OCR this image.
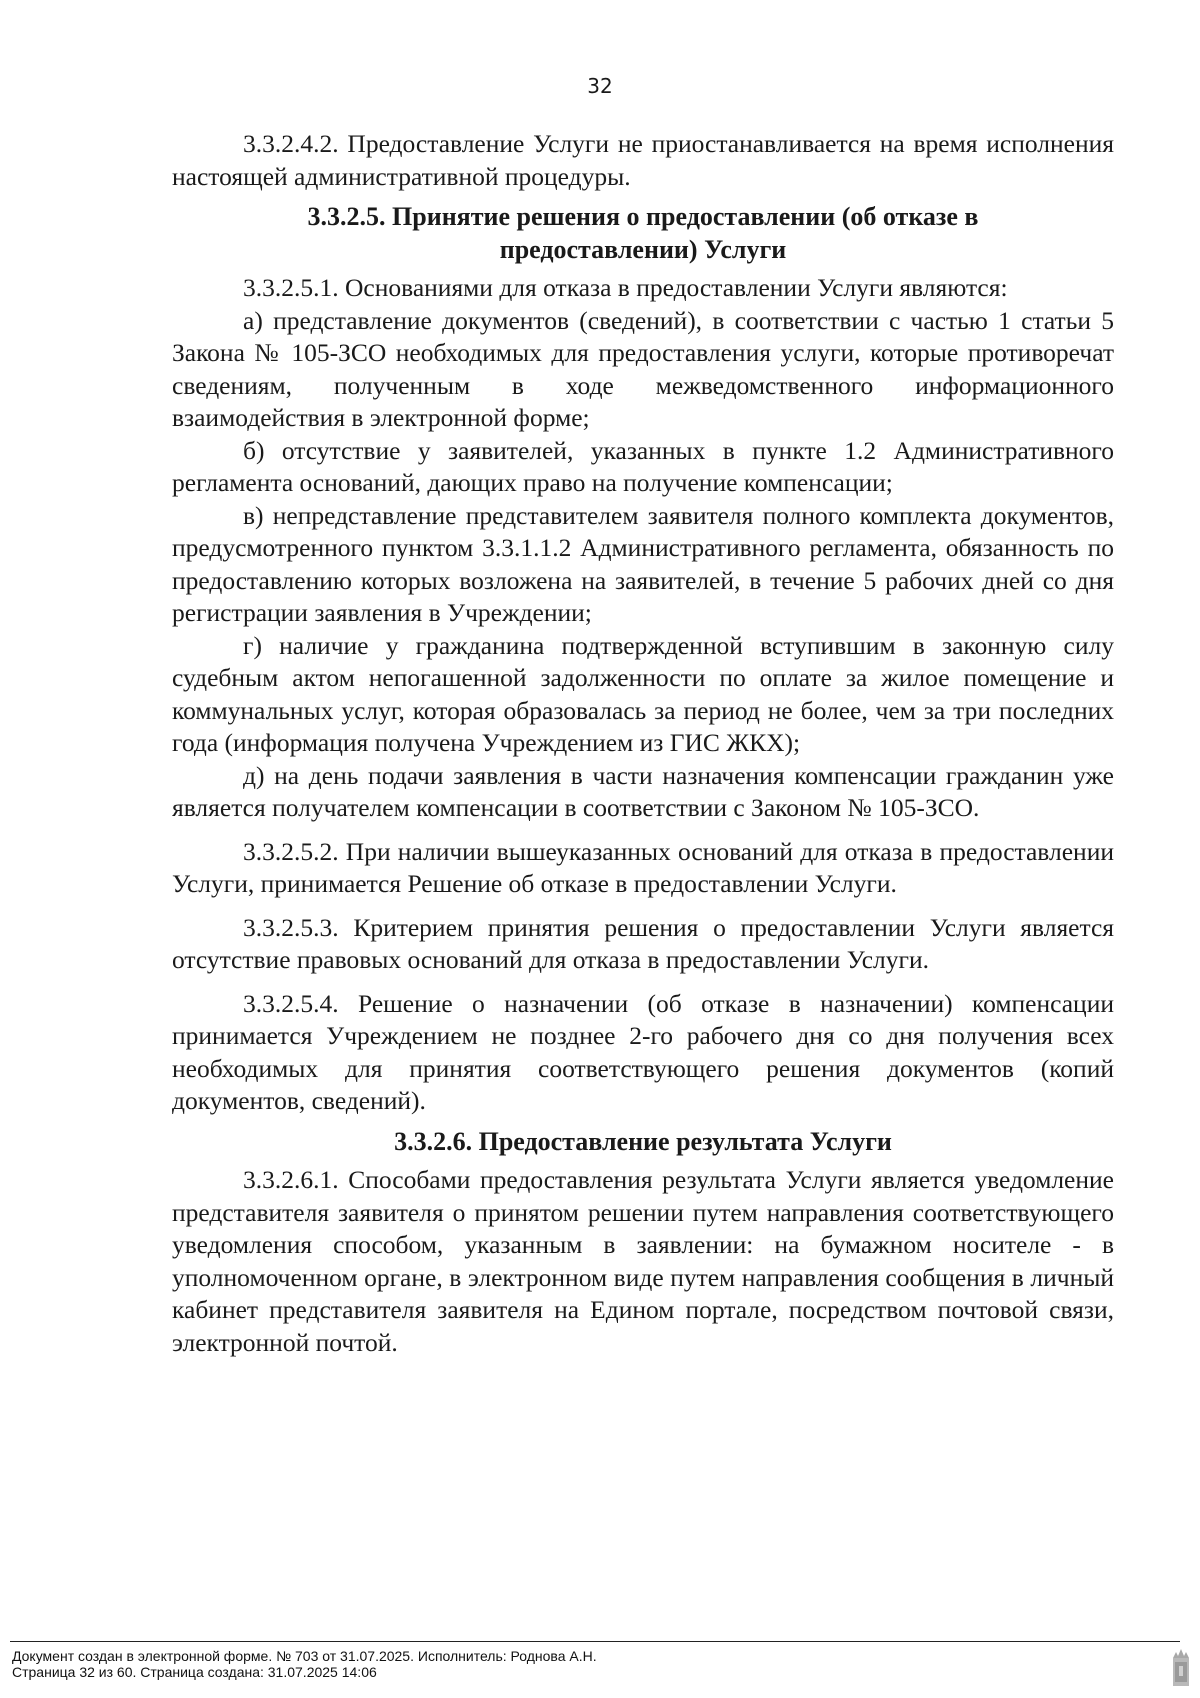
32

3.3.2.4.2. Предоставление Услуги не приостанавливается на время исполнения настоящей административной процедуры.

3.3.2.5. Принятие решения о предоставлении (об отказе в предоставлении) Услуги

3.3.2.5.1. Основаниями для отказа в предоставлении Услуги являются:

а) представление документов (сведений), в соответствии с частью 1 статьи 5 Закона № 105-ЗСО необходимых для предоставления услуги, которые противоречат сведениям, полученным в ходе межведомственного информационного взаимодействия в электронной форме;

б) отсутствие у заявителей, указанных в пункте 1.2 Административного регламента оснований, дающих право на получение компенсации;

в) непредставление представителем заявителя полного комплекта документов, предусмотренного пунктом 3.3.1.1.2 Административного регламента, обязанность по предоставлению которых возложена на заявителей, в течение 5 рабочих дней со дня регистрации заявления в Учреждении;

г) наличие у гражданина подтвержденной вступившим в законную силу судебным актом непогашенной задолженности по оплате за жилое помещение и коммунальных услуг, которая образовалась за период не более, чем за три последних года (информация получена Учреждением из ГИС ЖКХ);

д) на день подачи заявления в части назначения компенсации гражданин уже является получателем компенсации в соответствии с Законом № 105-ЗСО.

3.3.2.5.2. При наличии вышеуказанных оснований для отказа в предоставлении Услуги, принимается Решение об отказе в предоставлении Услуги.

3.3.2.5.3. Критерием принятия решения о предоставлении Услуги является отсутствие правовых оснований для отказа в предоставлении Услуги.

3.3.2.5.4. Решение о назначении (об отказе в назначении) компенсации принимается Учреждением не позднее 2-го рабочего дня со дня получения всех необходимых для принятия соответствующего решения документов (копий документов, сведений).

3.3.2.6. Предоставление результата Услуги

3.3.2.6.1. Способами предоставления результата Услуги является уведомление представителя заявителя о принятом решении путем направления соответствующего уведомления способом, указанным в заявлении: на бумажном носителе - в уполномоченном органе, в электронном виде путем направления сообщения в личный кабинет представителя заявителя на Едином портале, посредством почтовой связи, электронной почтой.

Документ создан в электронной форме. № 703 от 31.07.2025. Исполнитель: Роднова А.Н.
Страница 32 из 60. Страница создана: 31.07.2025 14:06
